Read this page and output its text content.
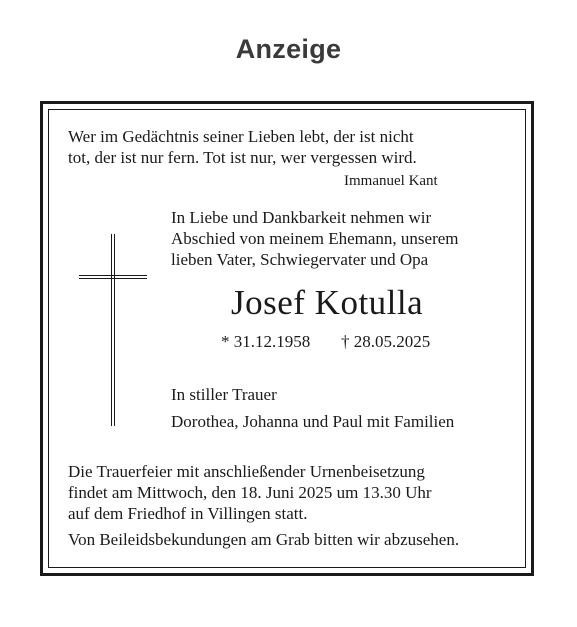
Anzeige
Wer im Gedächtnis seiner Lieben lebt, der ist nicht
tot, der ist nur fern. Tot ist nur, wer vergessen wird.
Immanuel Kant
In Liebe und Dankbarkeit nehmen wir
Abschied von meinem Ehemann, unserem
lieben Vater, Schwiegervater und Opa
Josef Kotulla
* 31.12.1958 † 28.05.2025
In stiller Trauer
Dorothea, Johanna und Paul mit Familien
Die Trauerfeier mit anschließender Urnenbeisetzung
findet am Mittwoch, den 18. Juni 2025 um 13.30 Uhr
auf dem Friedhof in Villingen statt.
Von Beileidsbekundungen am Grab bitten wir abzusehen.
